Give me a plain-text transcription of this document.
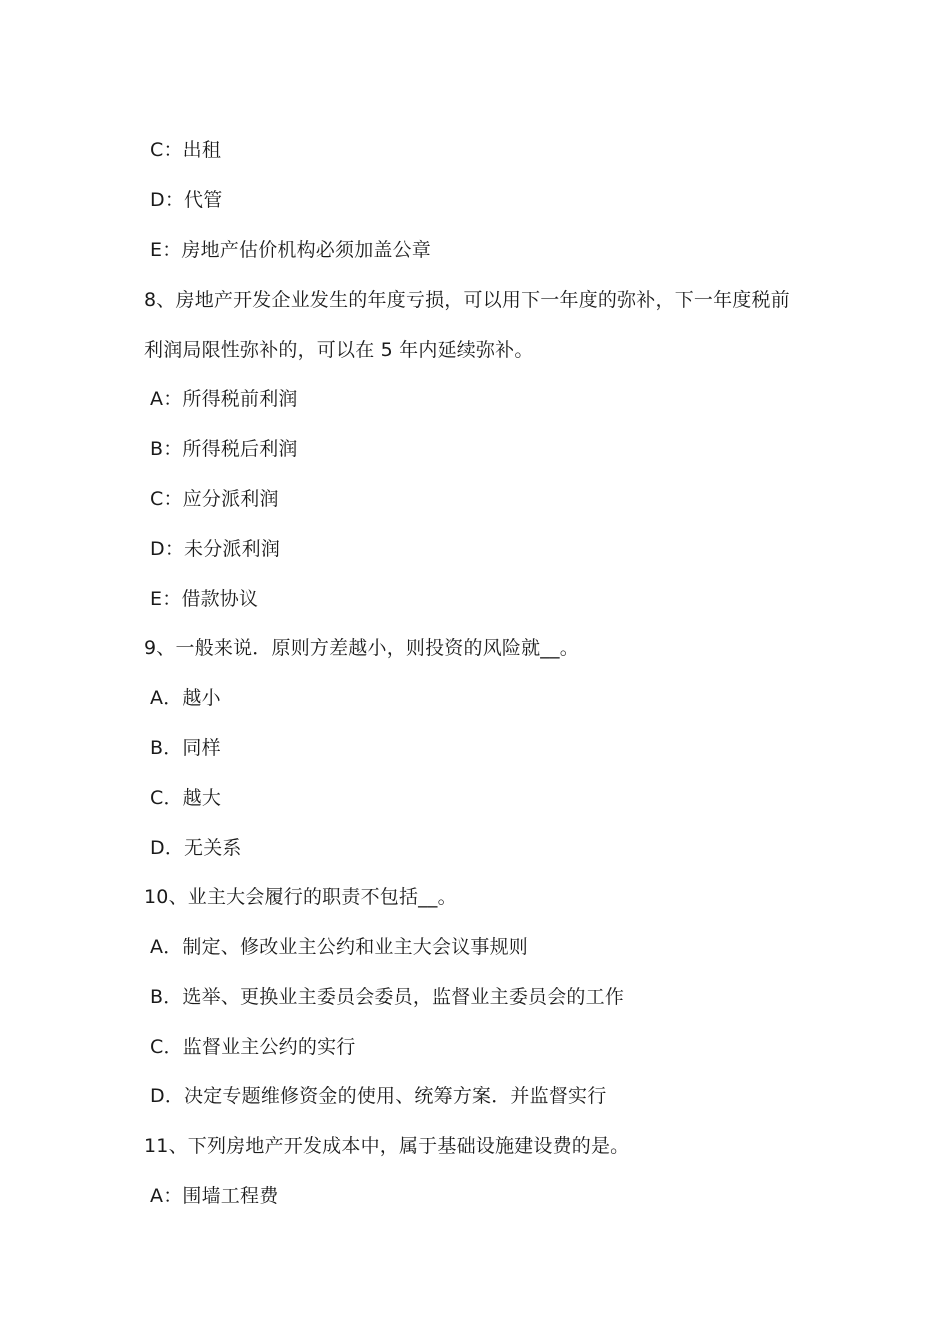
C：出租
D：代管
E：房地产估价机构必须加盖公章
8、房地产开发企业发生的年度亏损，可以用下一年度的弥补，下一年度税前
利润局限性弥补的，可以在 5 年内延续弥补。
A：所得税前利润
B：所得税后利润
C：应分派利润
D：未分派利润
E：借款协议
9、一般来说．原则方差越小，则投资的风险就__。
A．越小
B．同样
C．越大
D．无关系
10、业主大会履行的职责不包括__。
A．制定、修改业主公约和业主大会议事规则
B．选举、更换业主委员会委员，监督业主委员会的工作
C．监督业主公约的实行
D．决定专题维修资金的使用、统筹方案．并监督实行
11、下列房地产开发成本中，属于基础设施建设费的是。
A：围墙工程费
